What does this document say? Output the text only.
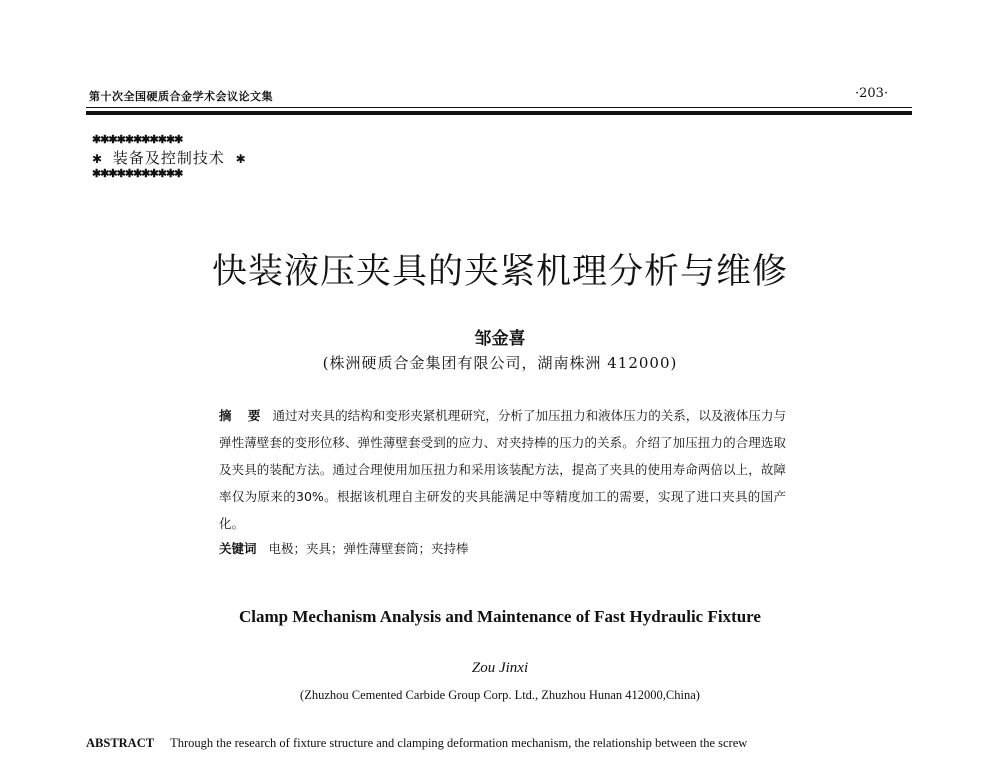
第十次全国硬质合金学术会议论文集	·203·
✱✱✱✱✱✱✱✱✱✱✱
✱ 装备及控制技术 ✱
✱✱✱✱✱✱✱✱✱✱✱
快装液压夹具的夹紧机理分析与维修
邹金喜
(株洲硬质合金集团有限公司，湖南株洲 412000)
摘 要 通过对夹具的结构和变形夹紧机理研究，分析了加压扭力和液体压力的关系，以及液体压力与弹性薄壁套的变形位移、弹性薄壁套受到的应力、对夹持棒的压力的关系。介绍了加压扭力的合理选取及夹具的装配方法。通过合理使用加压扭力和采用该装配方法，提高了夹具的使用寿命两倍以上，故障率仅为原来的30%。根据该机理自主研发的夹具能满足中等精度加工的需要，实现了进口夹具的国产化。
关键词 电极；夹具；弹性薄壁套筒；夹持棒
Clamp Mechanism Analysis and Maintenance of Fast Hydraulic Fixture
Zou Jinxi
(Zhuzhou Cemented Carbide Group Corp. Ltd., Zhuzhou Hunan 412000,China)
ABSTRACT Through the research of fixture structure and clamping deformation mechanism, the relationship between the screw
